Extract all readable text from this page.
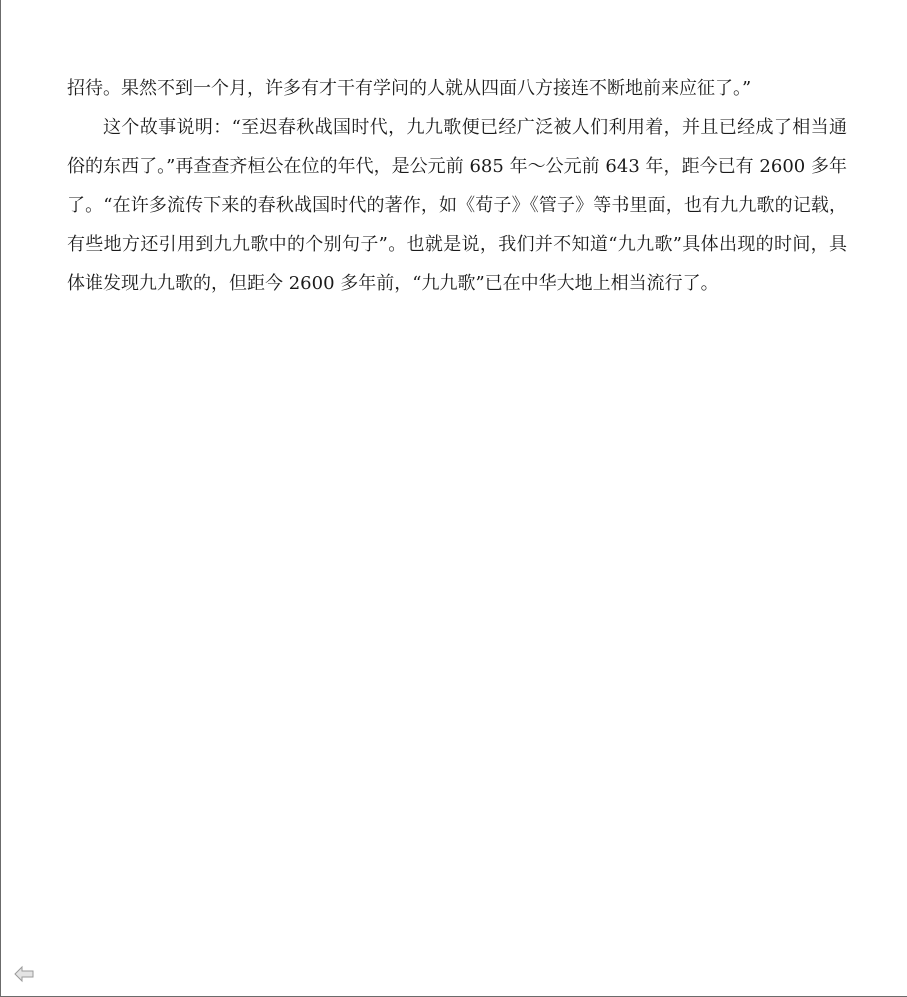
招待。果然不到一个月，许多有才干有学问的人就从四面八方接连不断地前来应征了。”

这个故事说明：“至迟春秋战国时代，九九歌便已经广泛被人们利用着，并且已经成了相当通俗的东西了。”再查查齐桓公在位的年代，是公元前 685 年～公元前 643 年，距今已有 2600 多年了。“在许多流传下来的春秋战国时代的著作，如《荀子》《管子》等书里面，也有九九歌的记载，有些地方还引用到九九歌中的个别句子”。也就是说，我们并不知道“九九歌”具体出现的时间，具体谁发现九九歌的，但距今 2600 多年前，“九九歌”已在中华大地上相当流行了。
